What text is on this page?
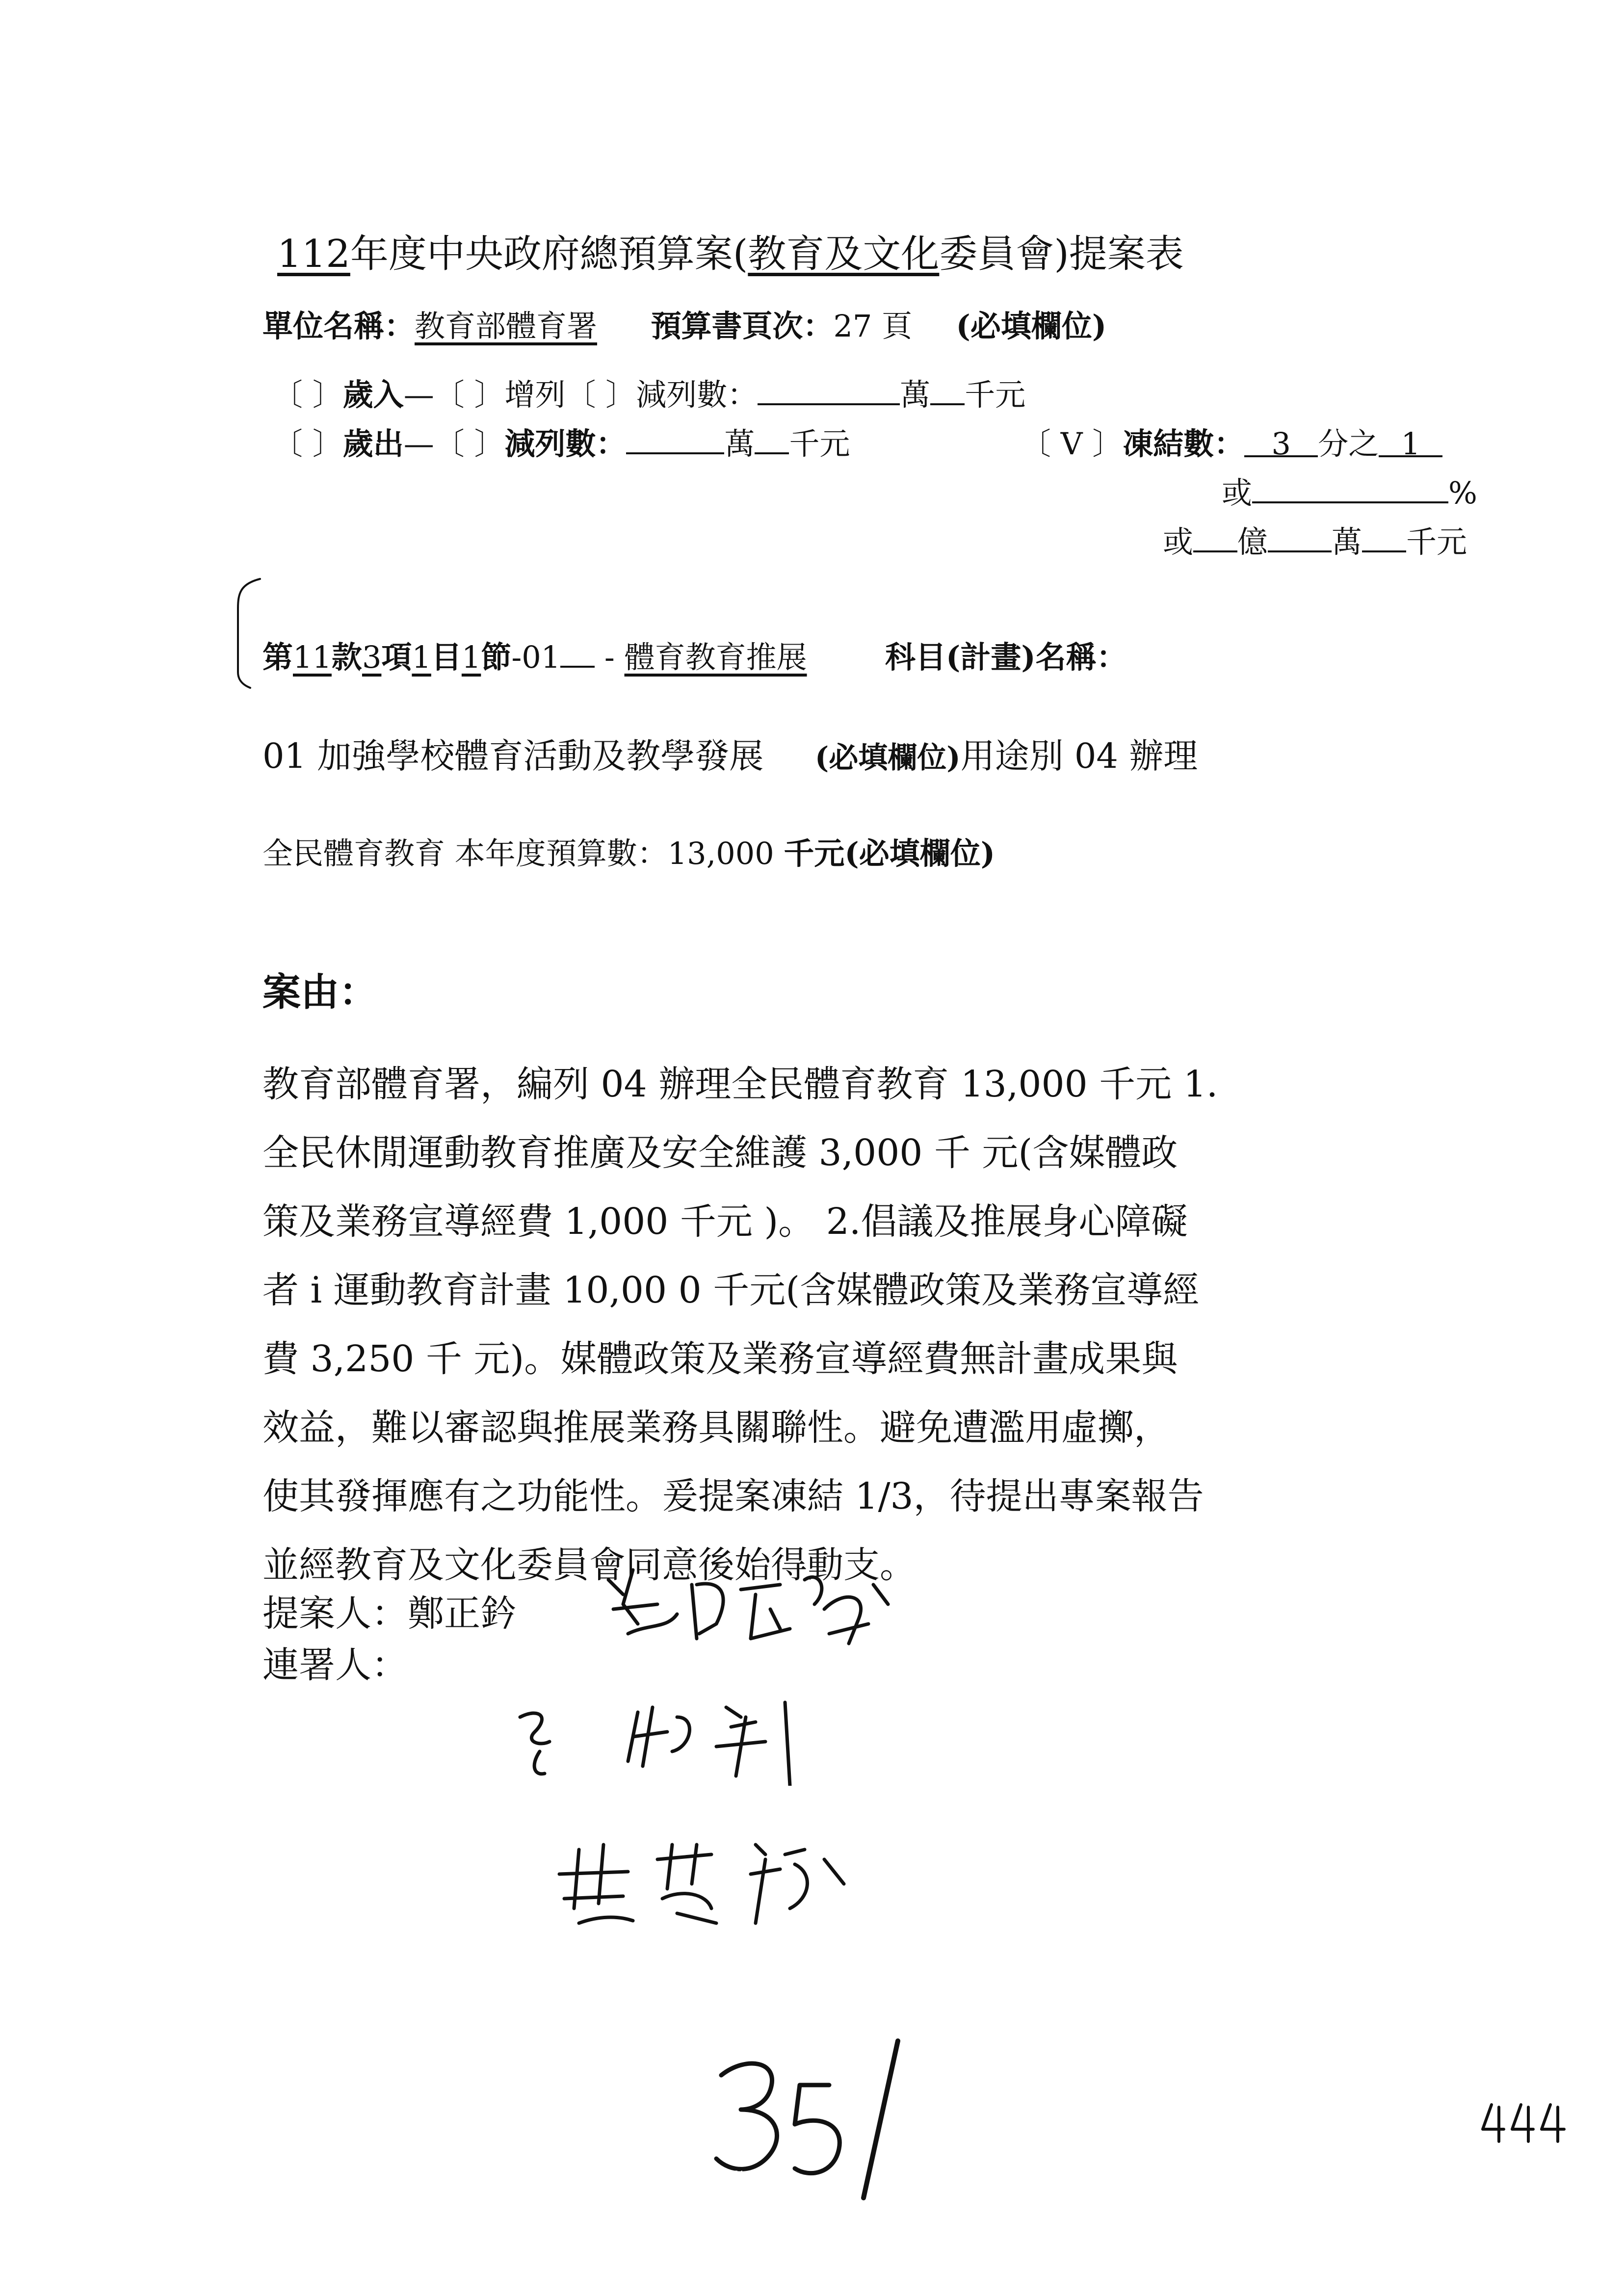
112年度中央政府總預算案(教育及文化委員會)提案表
單位名稱：教育部體育署 預算書頁次：27 頁 (必填欄位)
〔 〕歲入—〔 〕增列〔 〕減列數：	萬 千元
〔 〕歲出—〔 〕減列數：	萬 千元	〔 V 〕凍結數： 3 分之 1
或	%
或 億 萬 千元
第11款3項1目1節-01 - 體育教育推展	科目(計畫)名稱：
01 加強學校體育活動及教學發展 (必填欄位)用途別 04 辦理
全民體育教育 本年度預算數：13,000 千元(必填欄位)
案由：
教育部體育署，編列 04 辦理全民體育教育 13,000 千元 1.
全民休閒運動教育推廣及安全維護 3,000 千 元(含媒體政
策及業務宣導經費 1,000 千元 )。 2.倡議及推展身心障礙
者 i 運動教育計畫 10,00 0 千元(含媒體政策及業務宣導經
費 3,250 千 元)。媒體政策及業務宣導經費無計畫成果與
效益，難以審認與推展業務具關聯性。避免遭濫用虛擲，
使其發揮應有之功能性。爰提案凍結 1/3，待提出專案報告
並經教育及文化委員會同意後始得動支。
提案人：鄭正鈐
連署人：
351
444
